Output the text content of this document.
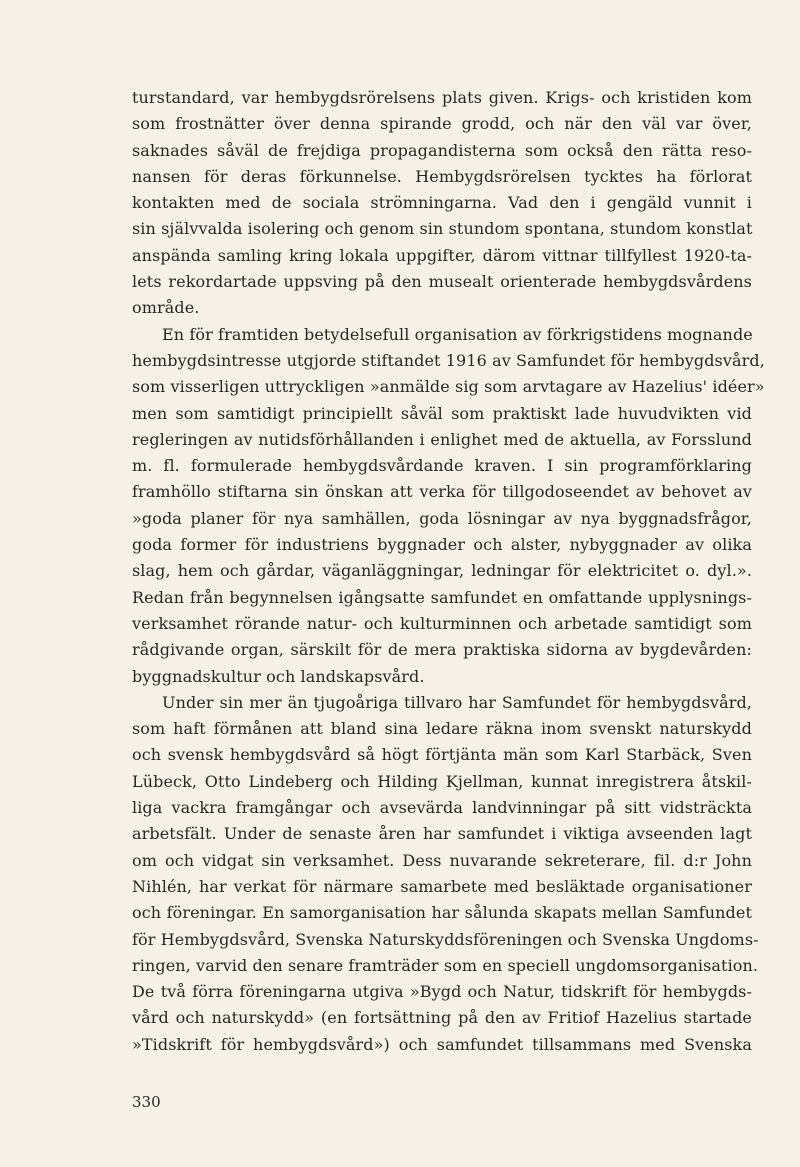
turstandard, var hembygdsrörelsens plats given. Krigs- och kristiden kom
som frostnätter över denna spirande grodd, och när den väl var över,
saknades såväl de frejdiga propagandisterna som också den rätta reso-
nansen för deras förkunnelse. Hembygdsrörelsen tycktes ha förlorat
kontakten med de sociala strömningarna. Vad den i gengäld vunnit i
sin självvalda isolering och genom sin stundom spontana, stundom konstlat
anspända samling kring lokala uppgifter, därom vittnar tillfyllest 1920-ta-
lets rekordartade uppsving på den musealt orienterade hembygdsvårdens
område.
En för framtiden betydelsefull organisation av förkrigstidens mognande
hembygdsintresse utgjorde stiftandet 1916 av Samfundet för hembygdsvård,
som visserligen uttryckligen »anmälde sig som arvtagare av Hazelius' idéer»
men som samtidigt principiellt såväl som praktiskt lade huvudvikten vid
regleringen av nutidsförhållanden i enlighet med de aktuella, av Forsslund
m. fl. formulerade hembygdsvårdande kraven. I sin programförklaring
framhöllo stiftarna sin önskan att verka för tillgodoseendet av behovet av
»goda planer för nya samhällen, goda lösningar av nya byggnadsfrågor,
goda former för industriens byggnader och alster, nybyggnader av olika
slag, hem och gårdar, väganläggningar, ledningar för elektricitet o. dyl.».
Redan från begynnelsen igångsatte samfundet en omfattande upplysnings-
verksamhet rörande natur- och kulturminnen och arbetade samtidigt som
rådgivande organ, särskilt för de mera praktiska sidorna av bygdevården:
byggnadskultur och landskapsvård.
Under sin mer än tjugoåriga tillvaro har Samfundet för hembygdsvård,
som haft förmånen att bland sina ledare räkna inom svenskt naturskydd
och svensk hembygdsvård så högt förtjänta män som Karl Starbäck, Sven
Lübeck, Otto Lindeberg och Hilding Kjellman, kunnat inregistrera åtskil-
liga vackra framgångar och avsevärda landvinningar på sitt vidsträckta
arbetsfält. Under de senaste åren har samfundet i viktiga avseenden lagt
om och vidgat sin verksamhet. Dess nuvarande sekreterare, fil. d:r John
Nihlén, har verkat för närmare samarbete med besläktade organisationer
och föreningar. En samorganisation har sålunda skapats mellan Samfundet
för Hembygdsvård, Svenska Naturskyddsföreningen och Svenska Ungdoms-
ringen, varvid den senare framträder som en speciell ungdomsorganisation.
De två förra föreningarna utgiva »Bygd och Natur, tidskrift för hembygds-
vård och naturskydd» (en fortsättning på den av Fritiof Hazelius startade
»Tidskrift för hembygdsvård») och samfundet tillsammans med Svenska
330
